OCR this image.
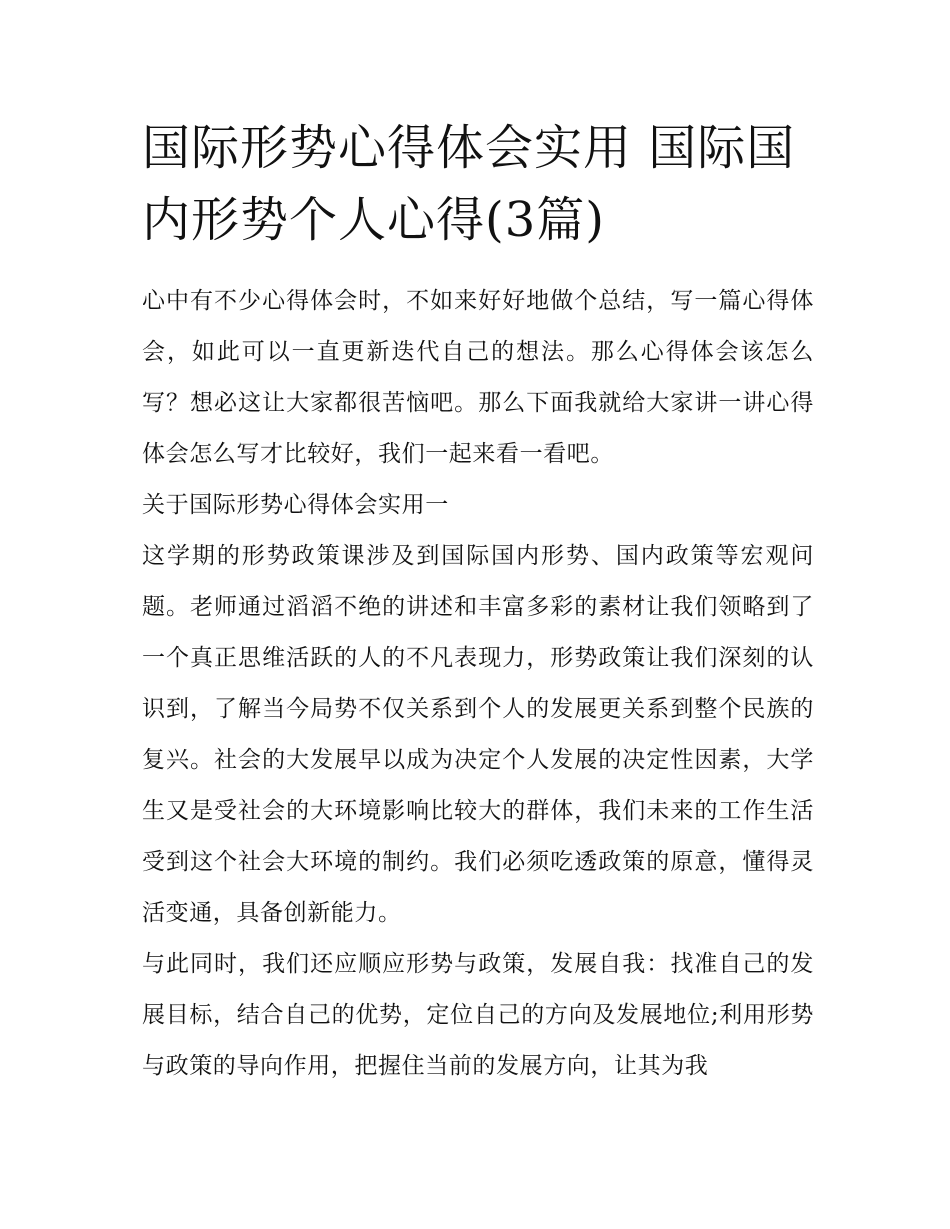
国际形势心得体会实用 国际国内形势个人心得(3篇)

心中有不少心得体会时，不如来好好地做个总结，写一篇心得体会，如此可以一直更新迭代自己的想法。那么心得体会该怎么写？想必这让大家都很苦恼吧。那么下面我就给大家讲一讲心得体会怎么写才比较好，我们一起来看一看吧。

关于国际形势心得体会实用一

这学期的形势政策课涉及到国际国内形势、国内政策等宏观问题。老师通过滔滔不绝的讲述和丰富多彩的素材让我们领略到了一个真正思维活跃的人的不凡表现力，形势政策让我们深刻的认识到，了解当今局势不仅关系到个人的发展更关系到整个民族的复兴。社会的大发展早以成为决定个人发展的决定性因素，大学生又是受社会的大环境影响比较大的群体，我们未来的工作生活受到这个社会大环境的制约。我们必须吃透政策的原意，懂得灵活变通，具备创新能力。

与此同时，我们还应顺应形势与政策，发展自我：找准自己的发展目标，结合自己的优势，定位自己的方向及发展地位;利用形势与政策的导向作用，把握住当前的发展方向，让其为我
